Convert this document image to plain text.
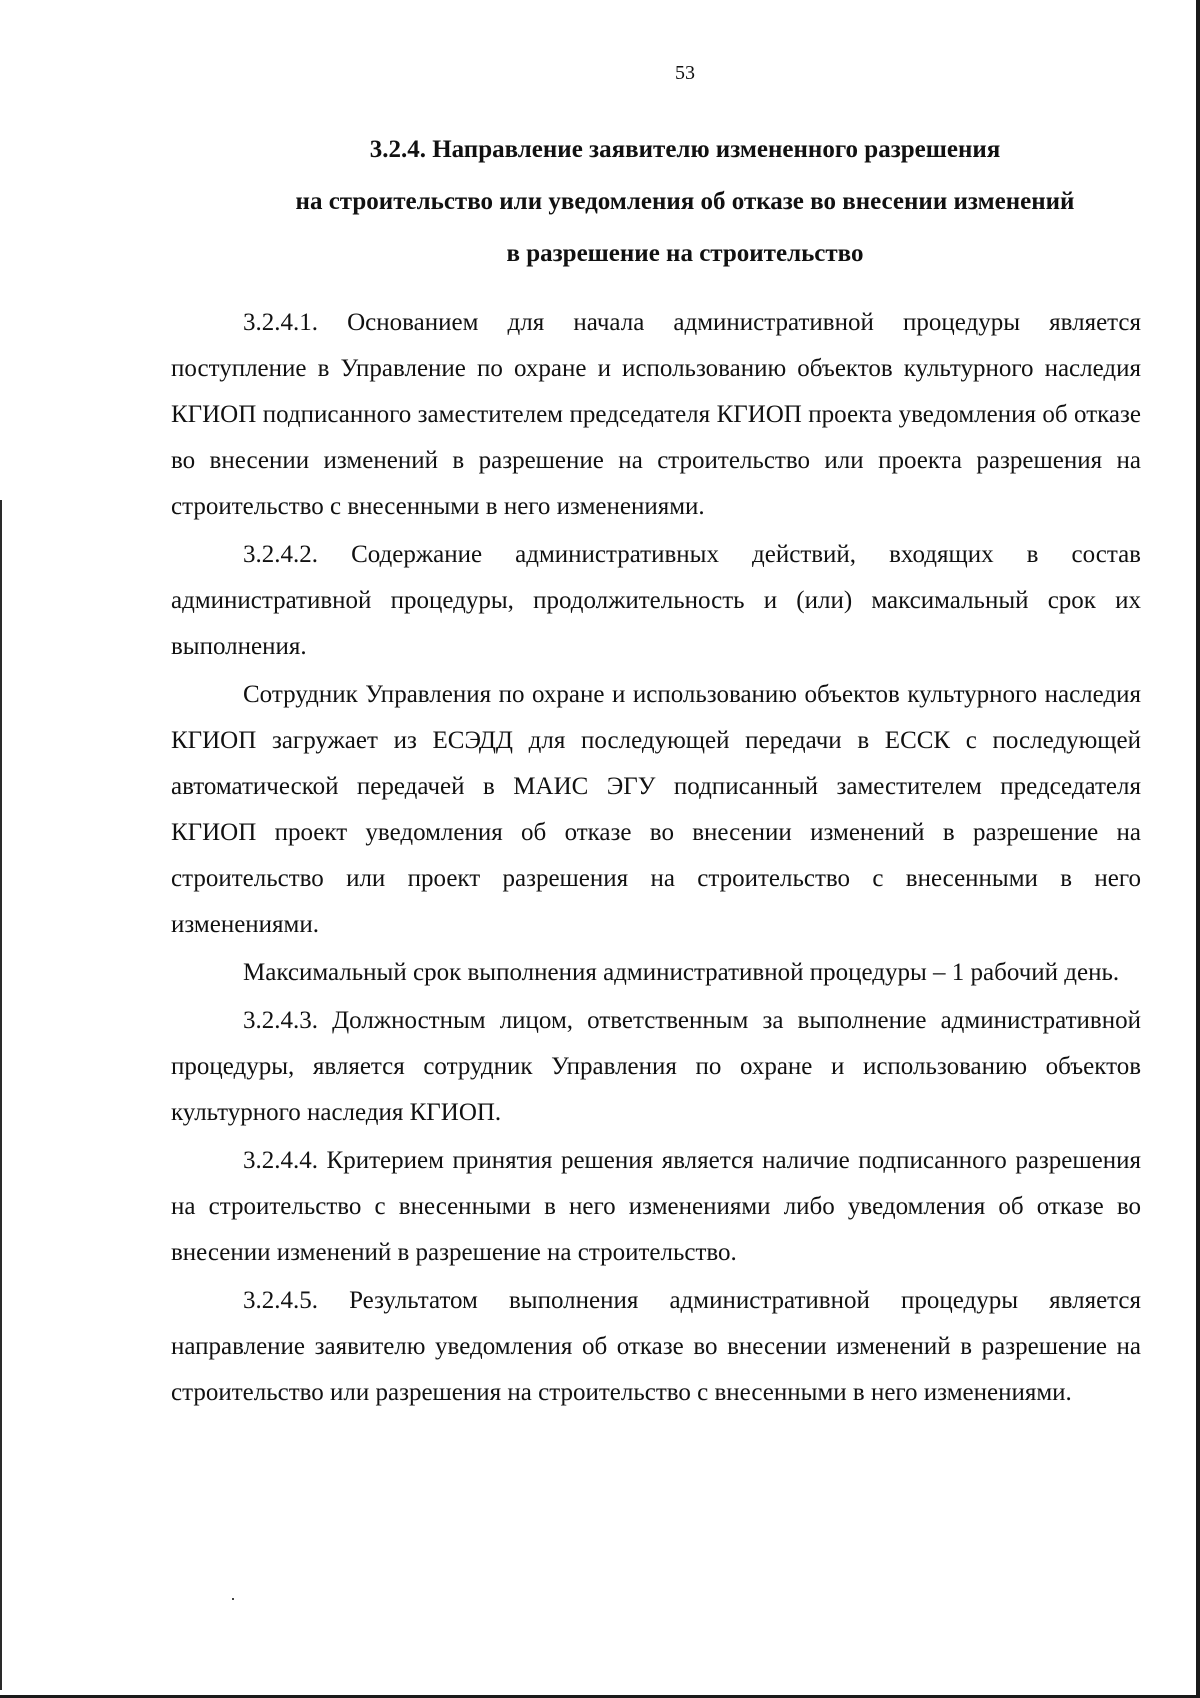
53
3.2.4. Направление заявителю измененного разрешения
на строительство или уведомления об отказе во внесении изменений
в разрешение на строительство

3.2.4.1. Основанием для начала административной процедуры является поступление в Управление по охране и использованию объектов культурного наследия КГИОП подписанного заместителем председателя КГИОП проекта уведомления об отказе во внесении изменений в разрешение на строительство или проекта разрешения на строительство с внесенными в него изменениями.

3.2.4.2. Содержание административных действий, входящих в состав административной процедуры, продолжительность и (или) максимальный срок их выполнения.

Сотрудник Управления по охране и использованию объектов культурного наследия КГИОП загружает из ЕСЭДД для последующей передачи в ЕССК с последующей автоматической передачей в МАИС ЭГУ подписанный заместителем председателя КГИОП проект уведомления об отказе во внесении изменений в разрешение на строительство или проект разрешения на строительство с внесенными в него изменениями.

Максимальный срок выполнения административной процедуры – 1 рабочий день.

3.2.4.3. Должностным лицом, ответственным за выполнение административной процедуры, является сотрудник Управления по охране и использованию объектов культурного наследия КГИОП.

3.2.4.4. Критерием принятия решения является наличие подписанного разрешения на строительство с внесенными в него изменениями либо уведомления об отказе во внесении изменений в разрешение на строительство.

3.2.4.5. Результатом выполнения административной процедуры является направление заявителю уведомления об отказе во внесении изменений в разрешение на строительство или разрешения на строительство с внесенными в него изменениями.
